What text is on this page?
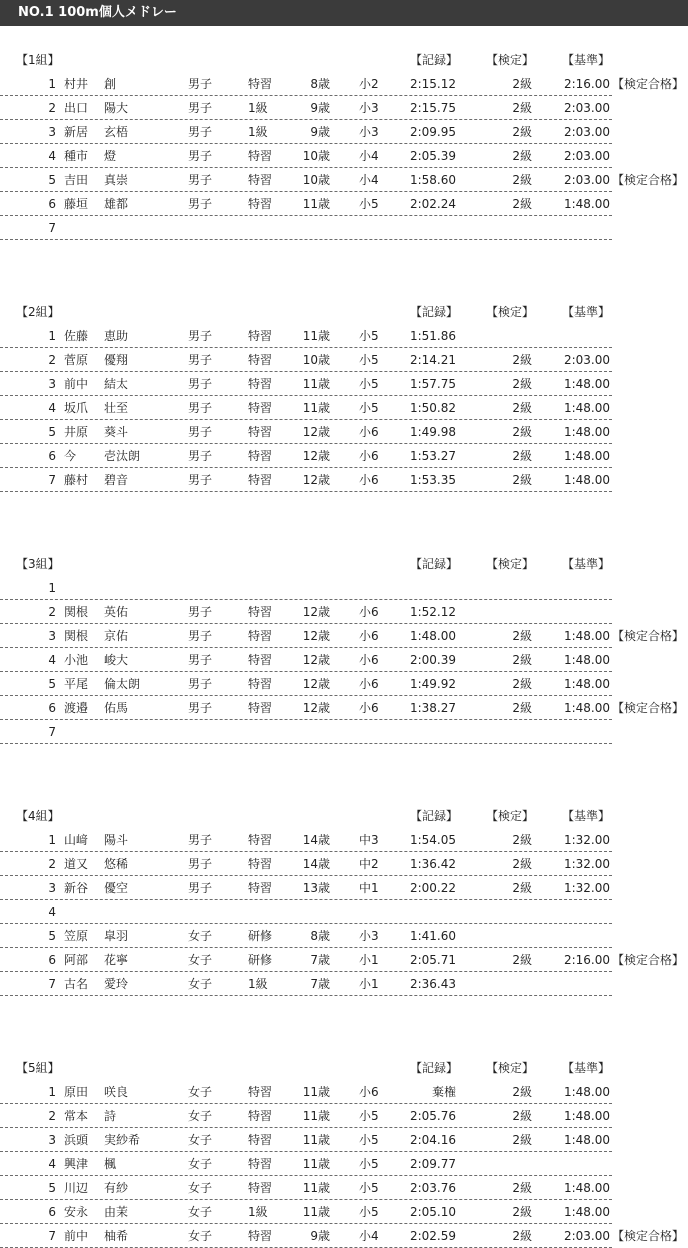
NO.1 100m個人メドレー
【1組】	【記録】 【検定】 【基準】
1 村井 創	男子	特習	8歳 小2	2:15.12	2級	2:16.00 【検定合格】
2 出口 陽大	男子	1級	9歳 小3	2:15.75	2級	2:03.00
3 新居 玄梧	男子	1級	9歳 小3	2:09.95	2級	2:03.00
4 種市 燈	男子	特習	10歳 小4	2:05.39	2級	2:03.00
5 吉田 真崇	男子	特習	10歳 小4	1:58.60	2級	2:03.00 【検定合格】
6 藤垣 雄都	男子	特習	11歳 小5	2:02.24	2級	1:48.00
7
【2組】	【記録】 【検定】 【基準】
1 佐藤 恵助	男子	特習	11歳 小5	1:51.86
2 菅原 優翔	男子	特習	10歳 小5	2:14.21	2級	2:03.00
3 前中 結太	男子	特習	11歳 小5	1:57.75	2級	1:48.00
4 坂爪 壮至	男子	特習	11歳 小5	1:50.82	2級	1:48.00
5 井原 葵斗	男子	特習	12歳 小6	1:49.98	2級	1:48.00
6 今 壱汰朗	男子	特習	12歳 小6	1:53.27	2級	1:48.00
7 藤村 碧音	男子	特習	12歳 小6	1:53.35	2級	1:48.00
【3組】	【記録】 【検定】 【基準】
1
2 関根 英佑	男子	特習	12歳 小6	1:52.12
3 関根 京佑	男子	特習	12歳 小6	1:48.00	2級	1:48.00 【検定合格】
4 小池 峻大	男子	特習	12歳 小6	2:00.39	2級	1:48.00
5 平尾 倫太朗	男子	特習	12歳 小6	1:49.92	2級	1:48.00
6 渡邉 佑馬	男子	特習	12歳 小6	1:38.27	2級	1:48.00 【検定合格】
7
【4組】	【記録】 【検定】 【基準】
1 山﨑 陽斗	男子	特習	14歳 中3	1:54.05	2級	1:32.00
2 道又 悠稀	男子	特習	14歳 中2	1:36.42	2級	1:32.00
3 新谷 優空	男子	特習	13歳 中1	2:00.22	2級	1:32.00
4
5 笠原 皐羽	女子	研修	8歳 小3	1:41.60
6 阿部 花寧	女子	研修	7歳 小1	2:05.71	2級	2:16.00 【検定合格】
7 古名 愛玲	女子	1級	7歳 小1	2:36.43
【5組】	【記録】 【検定】 【基準】
1 原田 咲良	女子	特習	11歳 小6	棄権	2級	1:48.00
2 常本 詩	女子	特習	11歳 小5	2:05.76	2級	1:48.00
3 浜頭 実紗希	女子	特習	11歳 小5	2:04.16	2級	1:48.00
4 興津 楓	女子	特習	11歳 小5	2:09.77
5 川辺 有紗	女子	特習	11歳 小5	2:03.76	2級	1:48.00
6 安永 由茉	女子	1級	11歳 小5	2:05.10	2級	1:48.00
7 前中 柚希	女子	特習	9歳 小4	2:02.59	2級	2:03.00 【検定合格】
